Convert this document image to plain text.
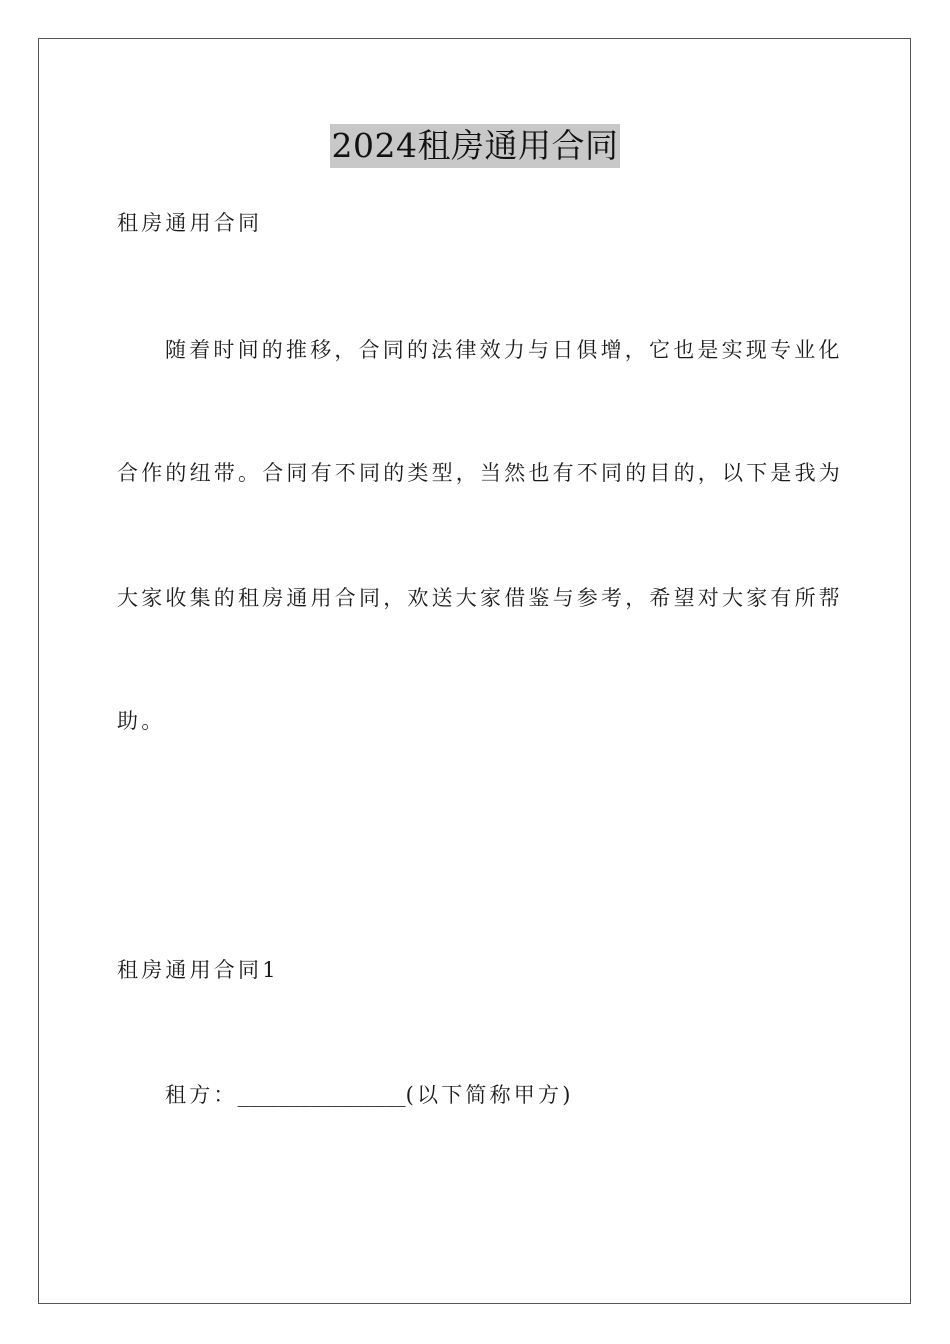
2024租房通用合同
租房通用合同
随着时间的推移，合同的法律效力与日俱增，它也是实现专业化
合作的纽带。合同有不同的类型，当然也有不同的目的，以下是我为
大家收集的租房通用合同，欢送大家借鉴与参考，希望对大家有所帮
助。
租房通用合同1
租方：________________(以下简称甲方)
